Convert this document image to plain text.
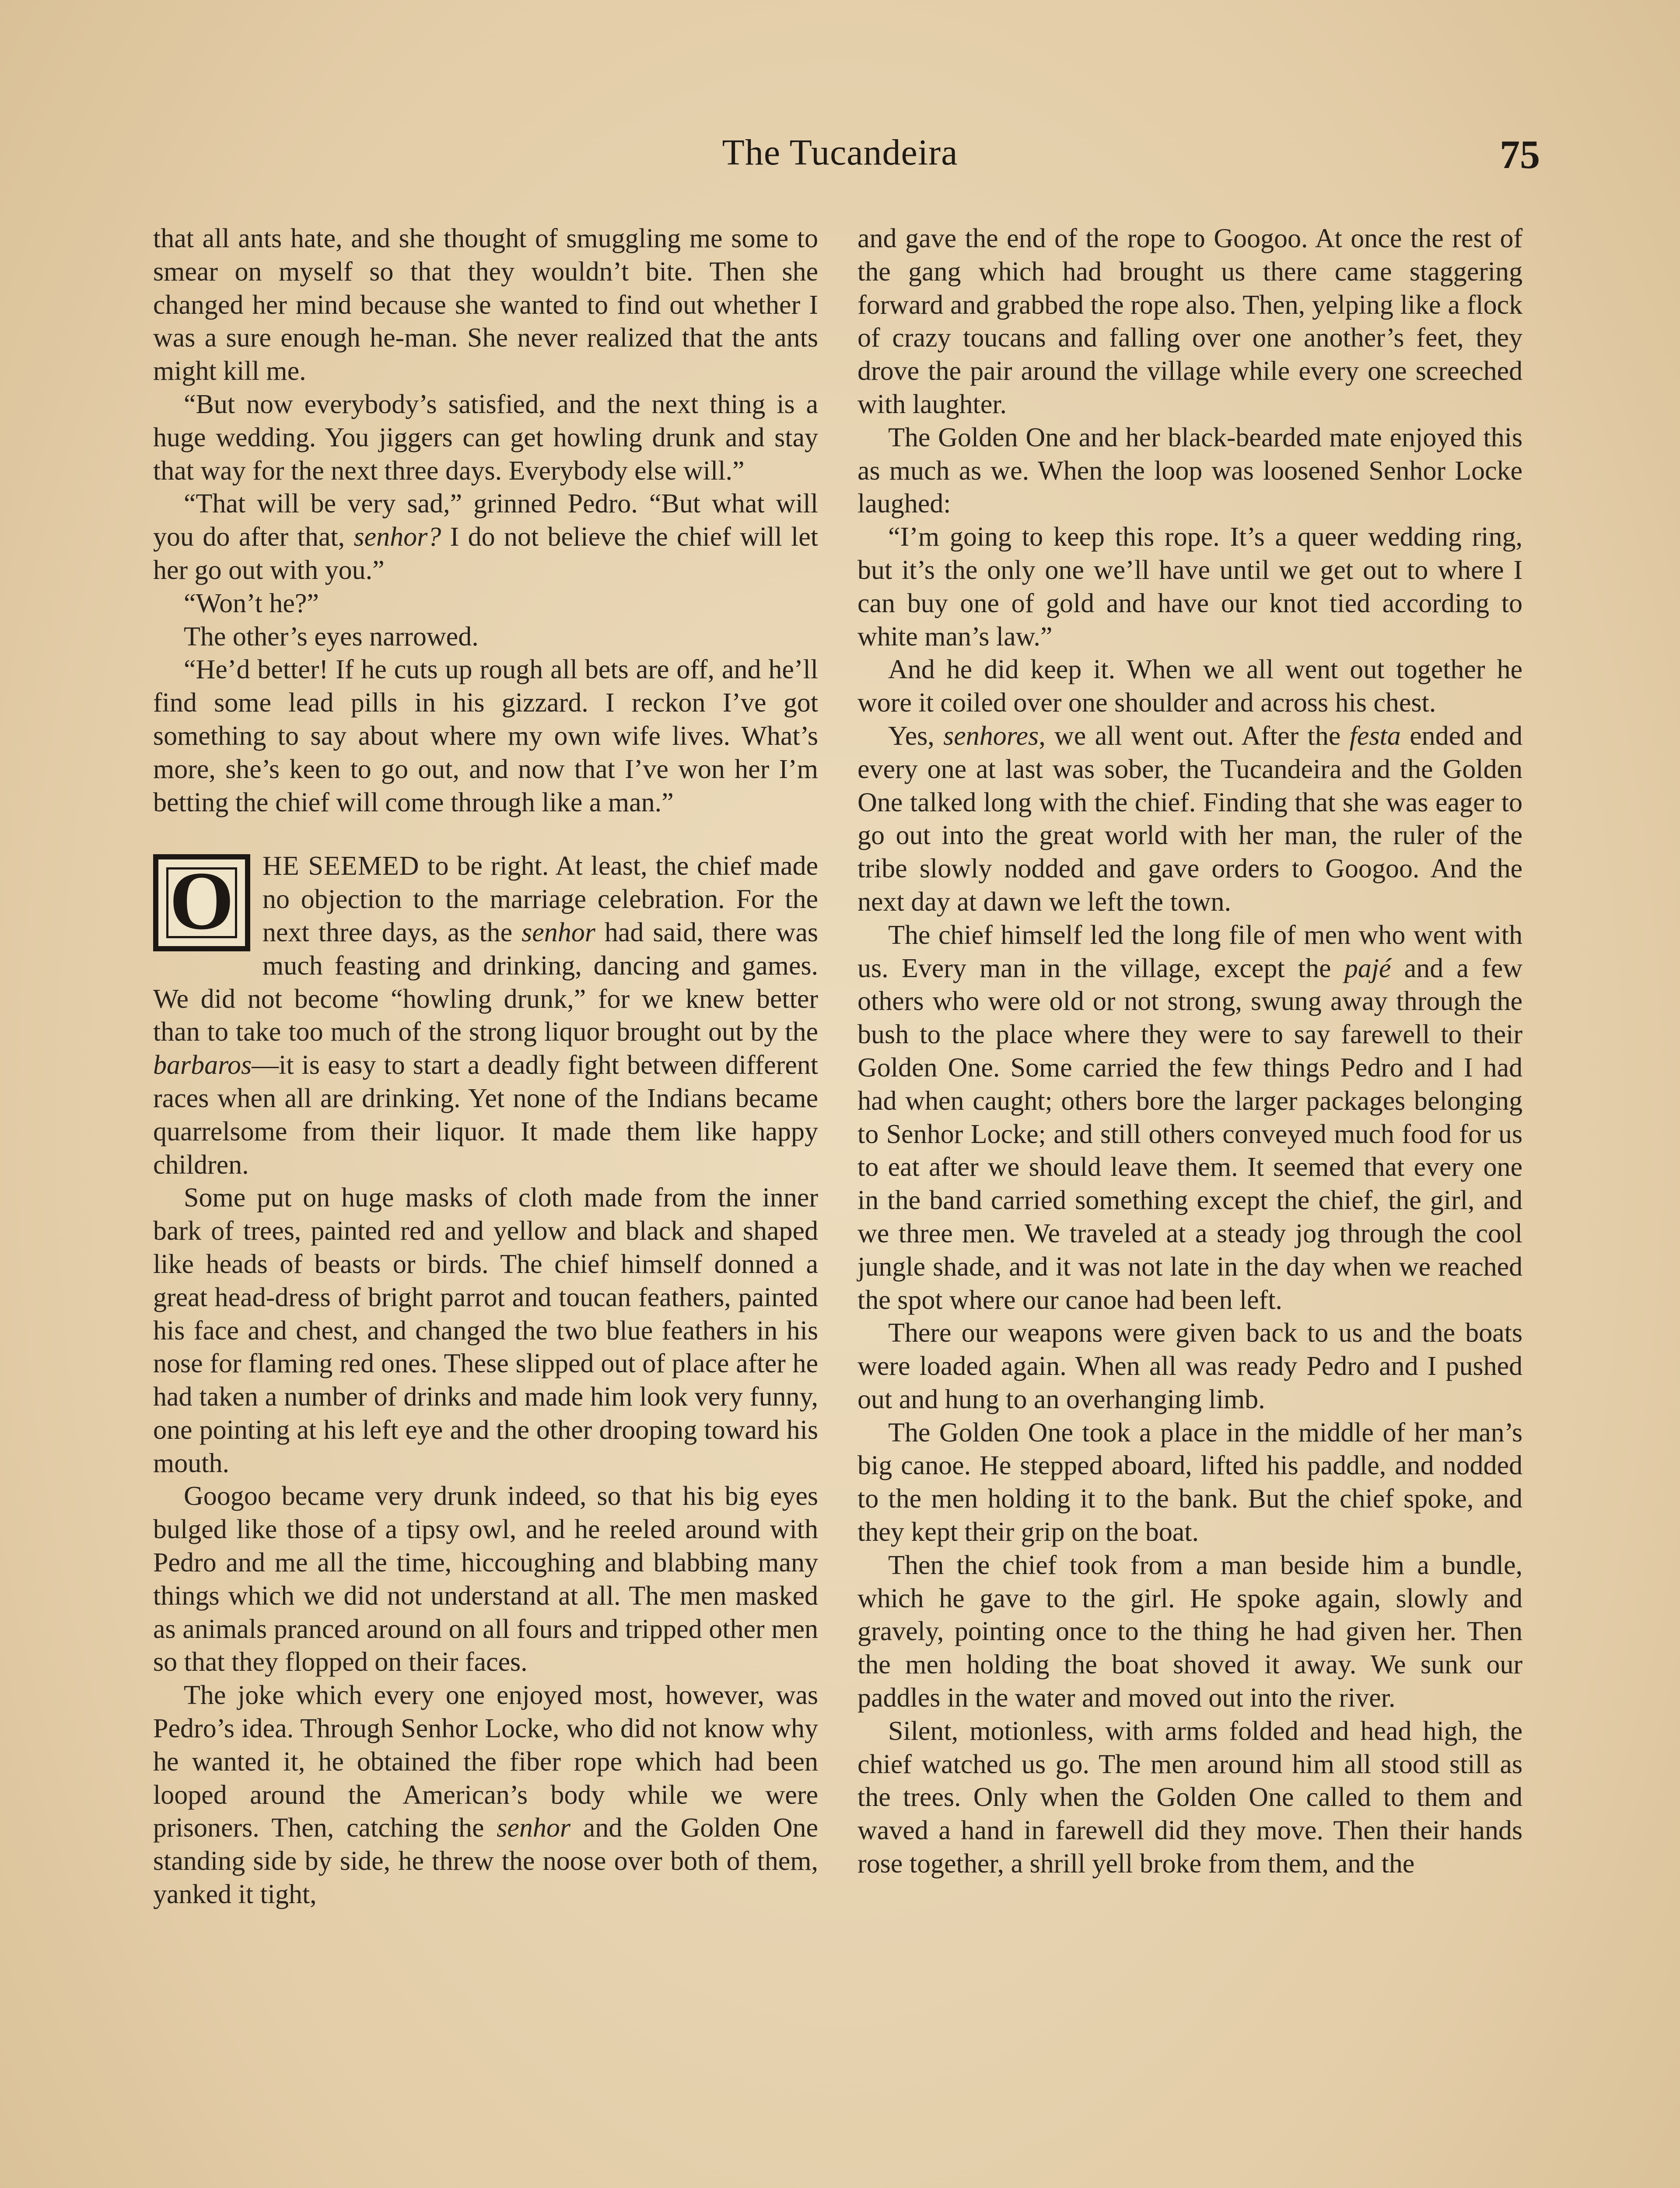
The Tucandeira	75

that all ants hate, and she thought of smuggling me some to smear on myself so that they wouldn’t bite. Then she changed her mind because she wanted to find out whether I was a sure enough he-man. She never realized that the ants might kill me.

“But now everybody’s satisfied, and the next thing is a huge wedding. You jiggers can get howling drunk and stay that way for the next three days. Everybody else will.”

“That will be very sad,” grinned Pedro. “But what will you do after that, senhor? I do not believe the chief will let her go out with you.”

“Won’t he?”

The other’s eyes narrowed.

“He’d better! If he cuts up rough all bets are off, and he’ll find some lead pills in his gizzard. I reckon I’ve got something to say about where my own wife lives. What’s more, she’s keen to go out, and now that I’ve won her I’m betting the chief will come through like a man.”

O	HE SEEMED to be right. At least, the chief made no objection to the marriage celebration. For the next three days, as the senhor had said, there was much feasting and drinking, dancing and games. We did not become “howling drunk,” for we knew better than to take too much of the strong liquor brought out by the barbaros—it is easy to start a deadly fight between different races when all are drinking. Yet none of the Indians became quarrelsome from their liquor. It made them like happy children.

Some put on huge masks of cloth made from the inner bark of trees, painted red and yellow and black and shaped like heads of beasts or birds. The chief himself donned a great head-dress of bright parrot and toucan feathers, painted his face and chest, and changed the two blue feathers in his nose for flaming red ones. These slipped out of place after he had taken a number of drinks and made him look very funny, one pointing at his left eye and the other drooping toward his mouth.

Googoo became very drunk indeed, so that his big eyes bulged like those of a tipsy owl, and he reeled around with Pedro and me all the time, hiccoughing and blabbing many things which we did not understand at all. The men masked as animals pranced around on all fours and tripped other men so that they flopped on their faces.

The joke which every one enjoyed most, however, was Pedro’s idea. Through Senhor Locke, who did not know why he wanted it, he obtained the fiber rope which had been looped around the American’s body while we were prisoners. Then, catching the senhor and the Golden One standing side by side, he threw the noose over both of them, yanked it tight,

and gave the end of the rope to Googoo. At once the rest of the gang which had brought us there came staggering forward and grabbed the rope also. Then, yelping like a flock of crazy toucans and falling over one another’s feet, they drove the pair around the village while every one screeched with laughter.

The Golden One and her black-bearded mate enjoyed this as much as we. When the loop was loosened Senhor Locke laughed:

“I’m going to keep this rope. It’s a queer wedding ring, but it’s the only one we’ll have until we get out to where I can buy one of gold and have our knot tied according to white man’s law.”

And he did keep it. When we all went out together he wore it coiled over one shoulder and across his chest.

Yes, senhores, we all went out. After the festa ended and every one at last was sober, the Tucandeira and the Golden One talked long with the chief. Finding that she was eager to go out into the great world with her man, the ruler of the tribe slowly nodded and gave orders to Googoo. And the next day at dawn we left the town.

The chief himself led the long file of men who went with us. Every man in the village, except the pajé and a few others who were old or not strong, swung away through the bush to the place where they were to say farewell to their Golden One. Some carried the few things Pedro and I had had when caught; others bore the larger packages belonging to Senhor Locke; and still others conveyed much food for us to eat after we should leave them. It seemed that every one in the band carried something except the chief, the girl, and we three men. We traveled at a steady jog through the cool jungle shade, and it was not late in the day when we reached the spot where our canoe had been left.

There our weapons were given back to us and the boats were loaded again. When all was ready Pedro and I pushed out and hung to an overhanging limb.

The Golden One took a place in the middle of her man’s big canoe. He stepped aboard, lifted his paddle, and nodded to the men holding it to the bank. But the chief spoke, and they kept their grip on the boat.

Then the chief took from a man beside him a bundle, which he gave to the girl. He spoke again, slowly and gravely, pointing once to the thing he had given her. Then the men holding the boat shoved it away. We sunk our paddles in the water and moved out into the river.

Silent, motionless, with arms folded and head high, the chief watched us go. The men around him all stood still as the trees. Only when the Golden One called to them and waved a hand in farewell did they move. Then their hands rose together, a shrill yell broke from them, and the
